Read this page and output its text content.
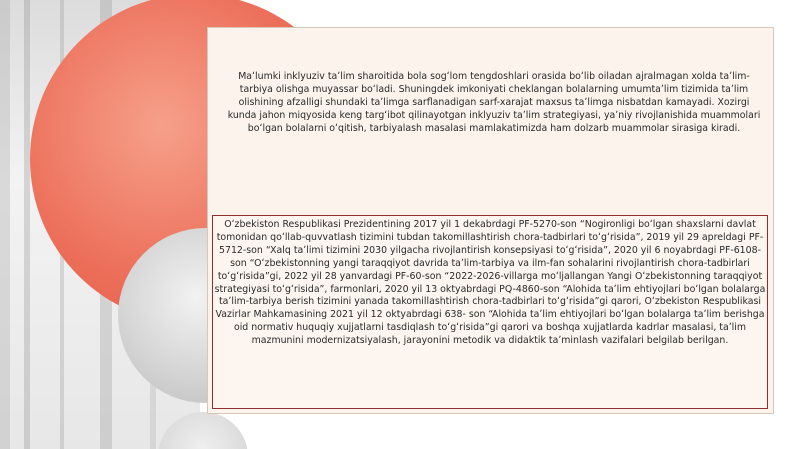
Maʻlumki inklyuziv taʼlim sharoitida bola sogʻlom tengdoshlari orasida boʻlib oiladan ajralmagan xolda taʼlim-tarbiya olishga muyassar boʻladi. Shuningdek imkoniyati cheklangan bolalarning umumtaʼlim tizimida taʼlim olishining afzalligi shundaki taʼlimga sarflanadigan sarf-xarajat maxsus taʼlimga nisbatdan kamayadi. Xozirgi kunda jahon miqyosida keng targʻibot qilinayotgan inklyuziv taʼlim strategiyasi, yaʼniy rivojlanishida muammolari boʻlgan bolalarni oʻqitish, tarbiyalash masalasi mamlakatimizda ham dolzarb muammolar sirasiga kiradi.

Oʻzbekiston Respublikasi Prezidentining 2017 yil 1 dekabrdagi PF-5270-son “Nogironligi boʻlgan shaxslarni davlat tomonidan qoʻllab-quvvatlash tizimini tubdan takomillashtirish chora-tadbirlari toʻgʻrisida”, 2019 yil 29 apreldagi PF-5712-son “Xalq taʼlimi tizimini 2030 yilgacha rivojlantirish konsepsiyasi toʻgʻrisida”, 2020 yil 6 noyabrdagi PF-6108-son “Oʻzbekistonning yangi taraqqiyot davrida taʼlim-tarbiya va ilm-fan sohalarini rivojlantirish chora-tadbirlari toʻgʻrisida”gi, 2022 yil 28 yanvardagi PF-60-son “2022-2026-villarga moʻljallangan Yangi Oʻzbekistonning taraqqiyot strategiyasi toʻgʻrisida”, farmonlari, 2020 yil 13 oktyabrdagi PQ-4860-son “Alohida taʼlim ehtiyojlari boʻlgan bolalarga taʼlim-tarbiya berish tizimini yanada takomillashtirish chora-tadbirlari toʻgʻrisida”gi qarori, Oʻzbekiston Respublikasi Vazirlar Mahkamasining 2021 yil 12 oktyabrdagi 638- son “Alohida taʼlim ehtiyojlari boʻlgan bolalarga taʼlim berishga oid normativ huquqiy xujjatlarni tasdiqlash toʻgʻrisida”gi qarori va boshqa xujjatlarda kadrlar masalasi, taʼlim mazmunini modernizatsiyalash, jarayonini metodik va didaktik taʼminlash vazifalari belgilab berilgan.
